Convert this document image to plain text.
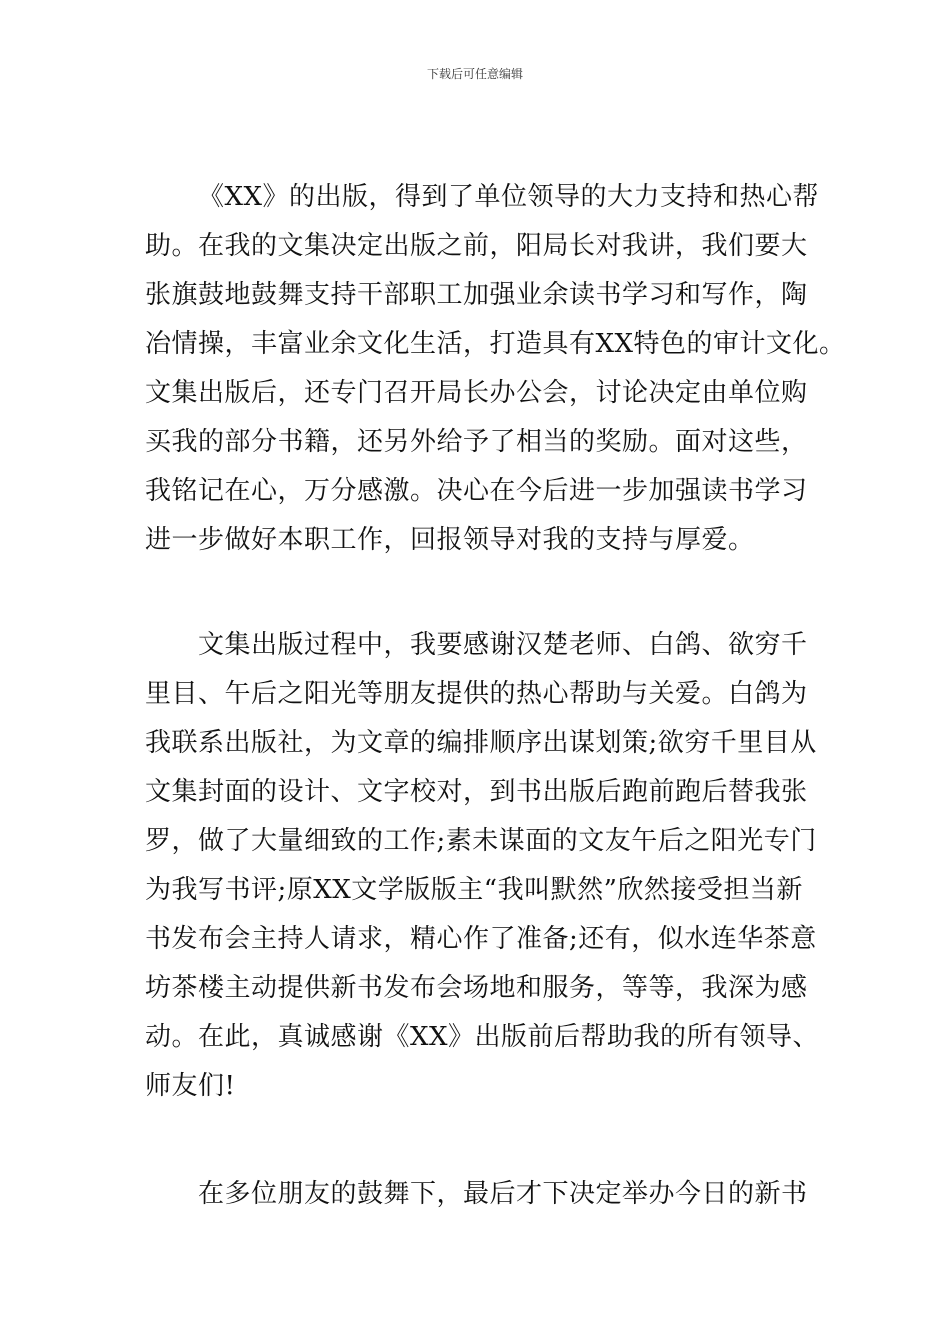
下载后可任意编辑
《XX》的出版，得到了单位领导的大力支持和热心帮
助。在我的文集决定出版之前，阳局长对我讲，我们要大
张旗鼓地鼓舞支持干部职工加强业余读书学习和写作，陶
冶情操，丰富业余文化生活，打造具有XX特色的审计文化。
文集出版后，还专门召开局长办公会，讨论决定由单位购
买我的部分书籍，还另外给予了相当的奖励。面对这些，
我铭记在心，万分感激。决心在今后进一步加强读书学习
进一步做好本职工作，回报领导对我的支持与厚爱。
文集出版过程中，我要感谢汉楚老师、白鸽、欲穷千
里目、午后之阳光等朋友提供的热心帮助与关爱。白鸽为
我联系出版社，为文章的编排顺序出谋划策;欲穷千里目从
文集封面的设计、文字校对，到书出版后跑前跑后替我张
罗，做了大量细致的工作;素未谋面的文友午后之阳光专门
为我写书评;原XX文学版版主“我叫默然”欣然接受担当新
书发布会主持人请求，精心作了准备;还有，似水连华茶意
坊茶楼主动提供新书发布会场地和服务，等等，我深为感
动。在此，真诚感谢《XX》出版前后帮助我的所有领导、
师友们!
在多位朋友的鼓舞下，最后才下决定举办今日的新书
